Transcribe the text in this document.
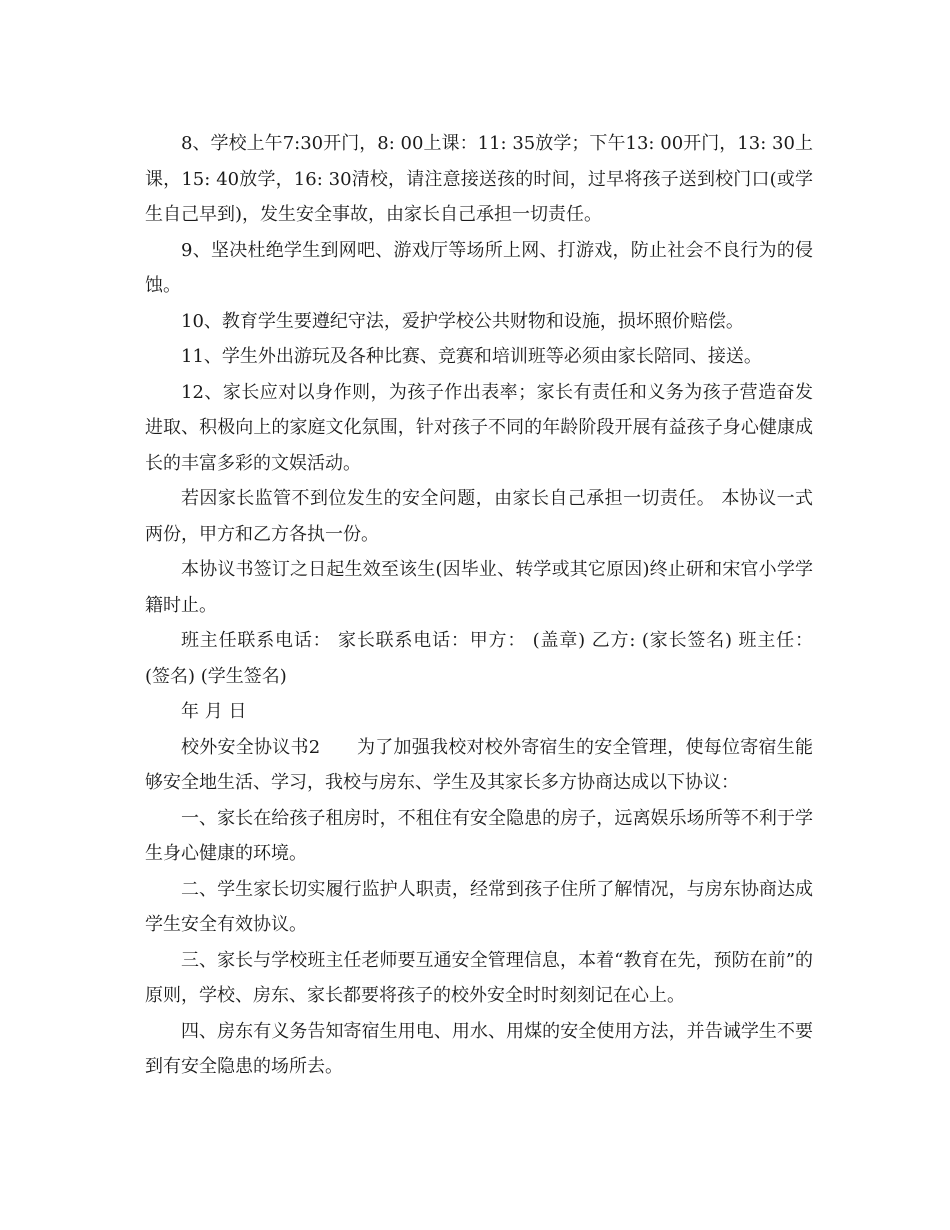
8、学校上午7:30开门，8: 00上课：11: 35放学；下午13: 00开门，13: 30上课，15: 40放学，16: 30清校，请注意接送孩的时间，过早将孩子送到校门口(或学生自己早到)，发生安全事故，由家长自己承担一切责任。

9、坚决杜绝学生到网吧、游戏厅等场所上网、打游戏，防止社会不良行为的侵蚀。

10、教育学生要遵纪守法，爱护学校公共财物和设施，损坏照价赔偿。

11、学生外出游玩及各种比赛、竞赛和培训班等必须由家长陪同、接送。

12、家长应对以身作则，为孩子作出表率；家长有责任和义务为孩子营造奋发进取、积极向上的家庭文化氛围，针对孩子不同的年龄阶段开展有益孩子身心健康成长的丰富多彩的文娱活动。

若因家长监管不到位发生的安全问题，由家长自己承担一切责任。 本协议一式两份，甲方和乙方各执一份。

本协议书签订之日起生效至该生(因毕业、转学或其它原因)终止研和宋官小学学籍时止。

班主任联系电话： 家长联系电话：甲方： (盖章) 乙方: (家长签名) 班主任： (签名) (学生签名)

年 月 日

校外安全协议书2　　为了加强我校对校外寄宿生的安全管理，使每位寄宿生能够安全地生活、学习，我校与房东、学生及其家长多方协商达成以下协议：

一、家长在给孩子租房时，不租住有安全隐患的房子，远离娱乐场所等不利于学生身心健康的环境。

二、学生家长切实履行监护人职责，经常到孩子住所了解情况，与房东协商达成学生安全有效协议。

三、家长与学校班主任老师要互通安全管理信息，本着“教育在先，预防在前”的原则，学校、房东、家长都要将孩子的校外安全时时刻刻记在心上。

四、房东有义务告知寄宿生用电、用水、用煤的安全使用方法，并告诫学生不要到有安全隐患的场所去。
